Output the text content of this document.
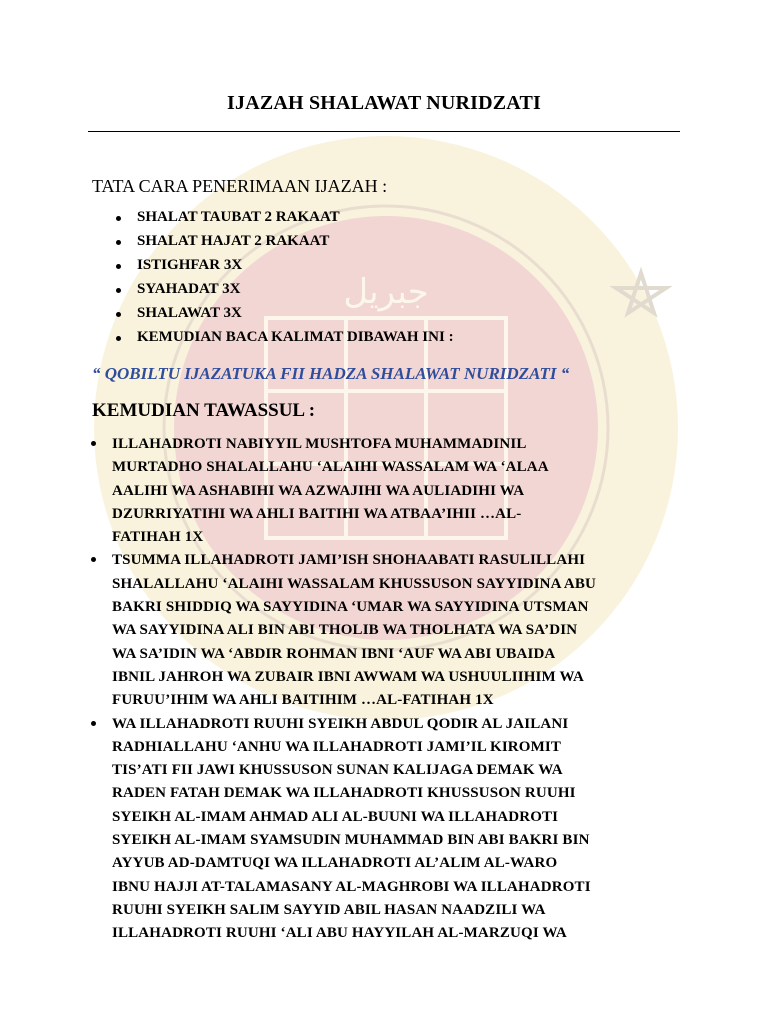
جبريل
IJAZAH SHALAWAT NURIDZATI
TATA CARA PENERIMAAN IJAZAH :
SHALAT TAUBAT 2 RAKAAT
SHALAT HAJAT 2 RAKAAT
ISTIGHFAR 3X
SYAHADAT 3X
SHALAWAT 3X
KEMUDIAN BACA KALIMAT DIBAWAH INI :
“ QOBILTU IJAZATUKA FII HADZA SHALAWAT NURIDZATI “
KEMUDIAN TAWASSUL :
ILLAHADROTI NABIYYIL MUSHTOFA MUHAMMADINIL
MURTADHO SHALALLAHU ‘ALAIHI WASSALAM WA ‘ALAA
AALIHI WA ASHABIHI WA AZWAJIHI WA AULIADIHI WA
DZURRIYATIHI WA AHLI BAITIHI WA ATBAA’IHII …AL-
FATIHAH 1X
TSUMMA ILLAHADROTI JAMI’ISH SHOHAABATI RASULILLAHI
SHALALLAHU ‘ALAIHI WASSALAM KHUSSUSON SAYYIDINA ABU
BAKRI SHIDDIQ WA SAYYIDINA ‘UMAR WA SAYYIDINA UTSMAN
WA SAYYIDINA ALI BIN ABI THOLIB WA THOLHATA WA SA’DIN
WA SA’IDIN WA ‘ABDIR ROHMAN IBNI ‘AUF WA ABI UBAIDA
IBNIL JAHROH WA ZUBAIR IBNI AWWAM WA USHUULIIHIM WA
FURUU’IHIM WA AHLI BAITIHIM …AL-FATIHAH 1X
WA ILLAHADROTI RUUHI SYEIKH ABDUL QODIR AL JAILANI
RADHIALLAHU ‘ANHU WA ILLAHADROTI JAMI’IL KIROMIT
TIS’ATI FII JAWI KHUSSUSON SUNAN KALIJAGA DEMAK WA
RADEN FATAH DEMAK WA ILLAHADROTI KHUSSUSON RUUHI
SYEIKH AL-IMAM AHMAD ALI AL-BUUNI WA ILLAHADROTI
SYEIKH AL-IMAM SYAMSUDIN MUHAMMAD BIN ABI BAKRI BIN
AYYUB AD-DAMTUQI WA ILLAHADROTI AL’ALIM AL-WARO
IBNU HAJJI AT-TALAMASANY AL-MAGHROBI WA ILLAHADROTI
RUUHI SYEIKH SALIM SAYYID ABIL HASAN NAADZILI WA
ILLAHADROTI RUUHI ‘ALI ABU HAYYILAH AL-MARZUQI WA
